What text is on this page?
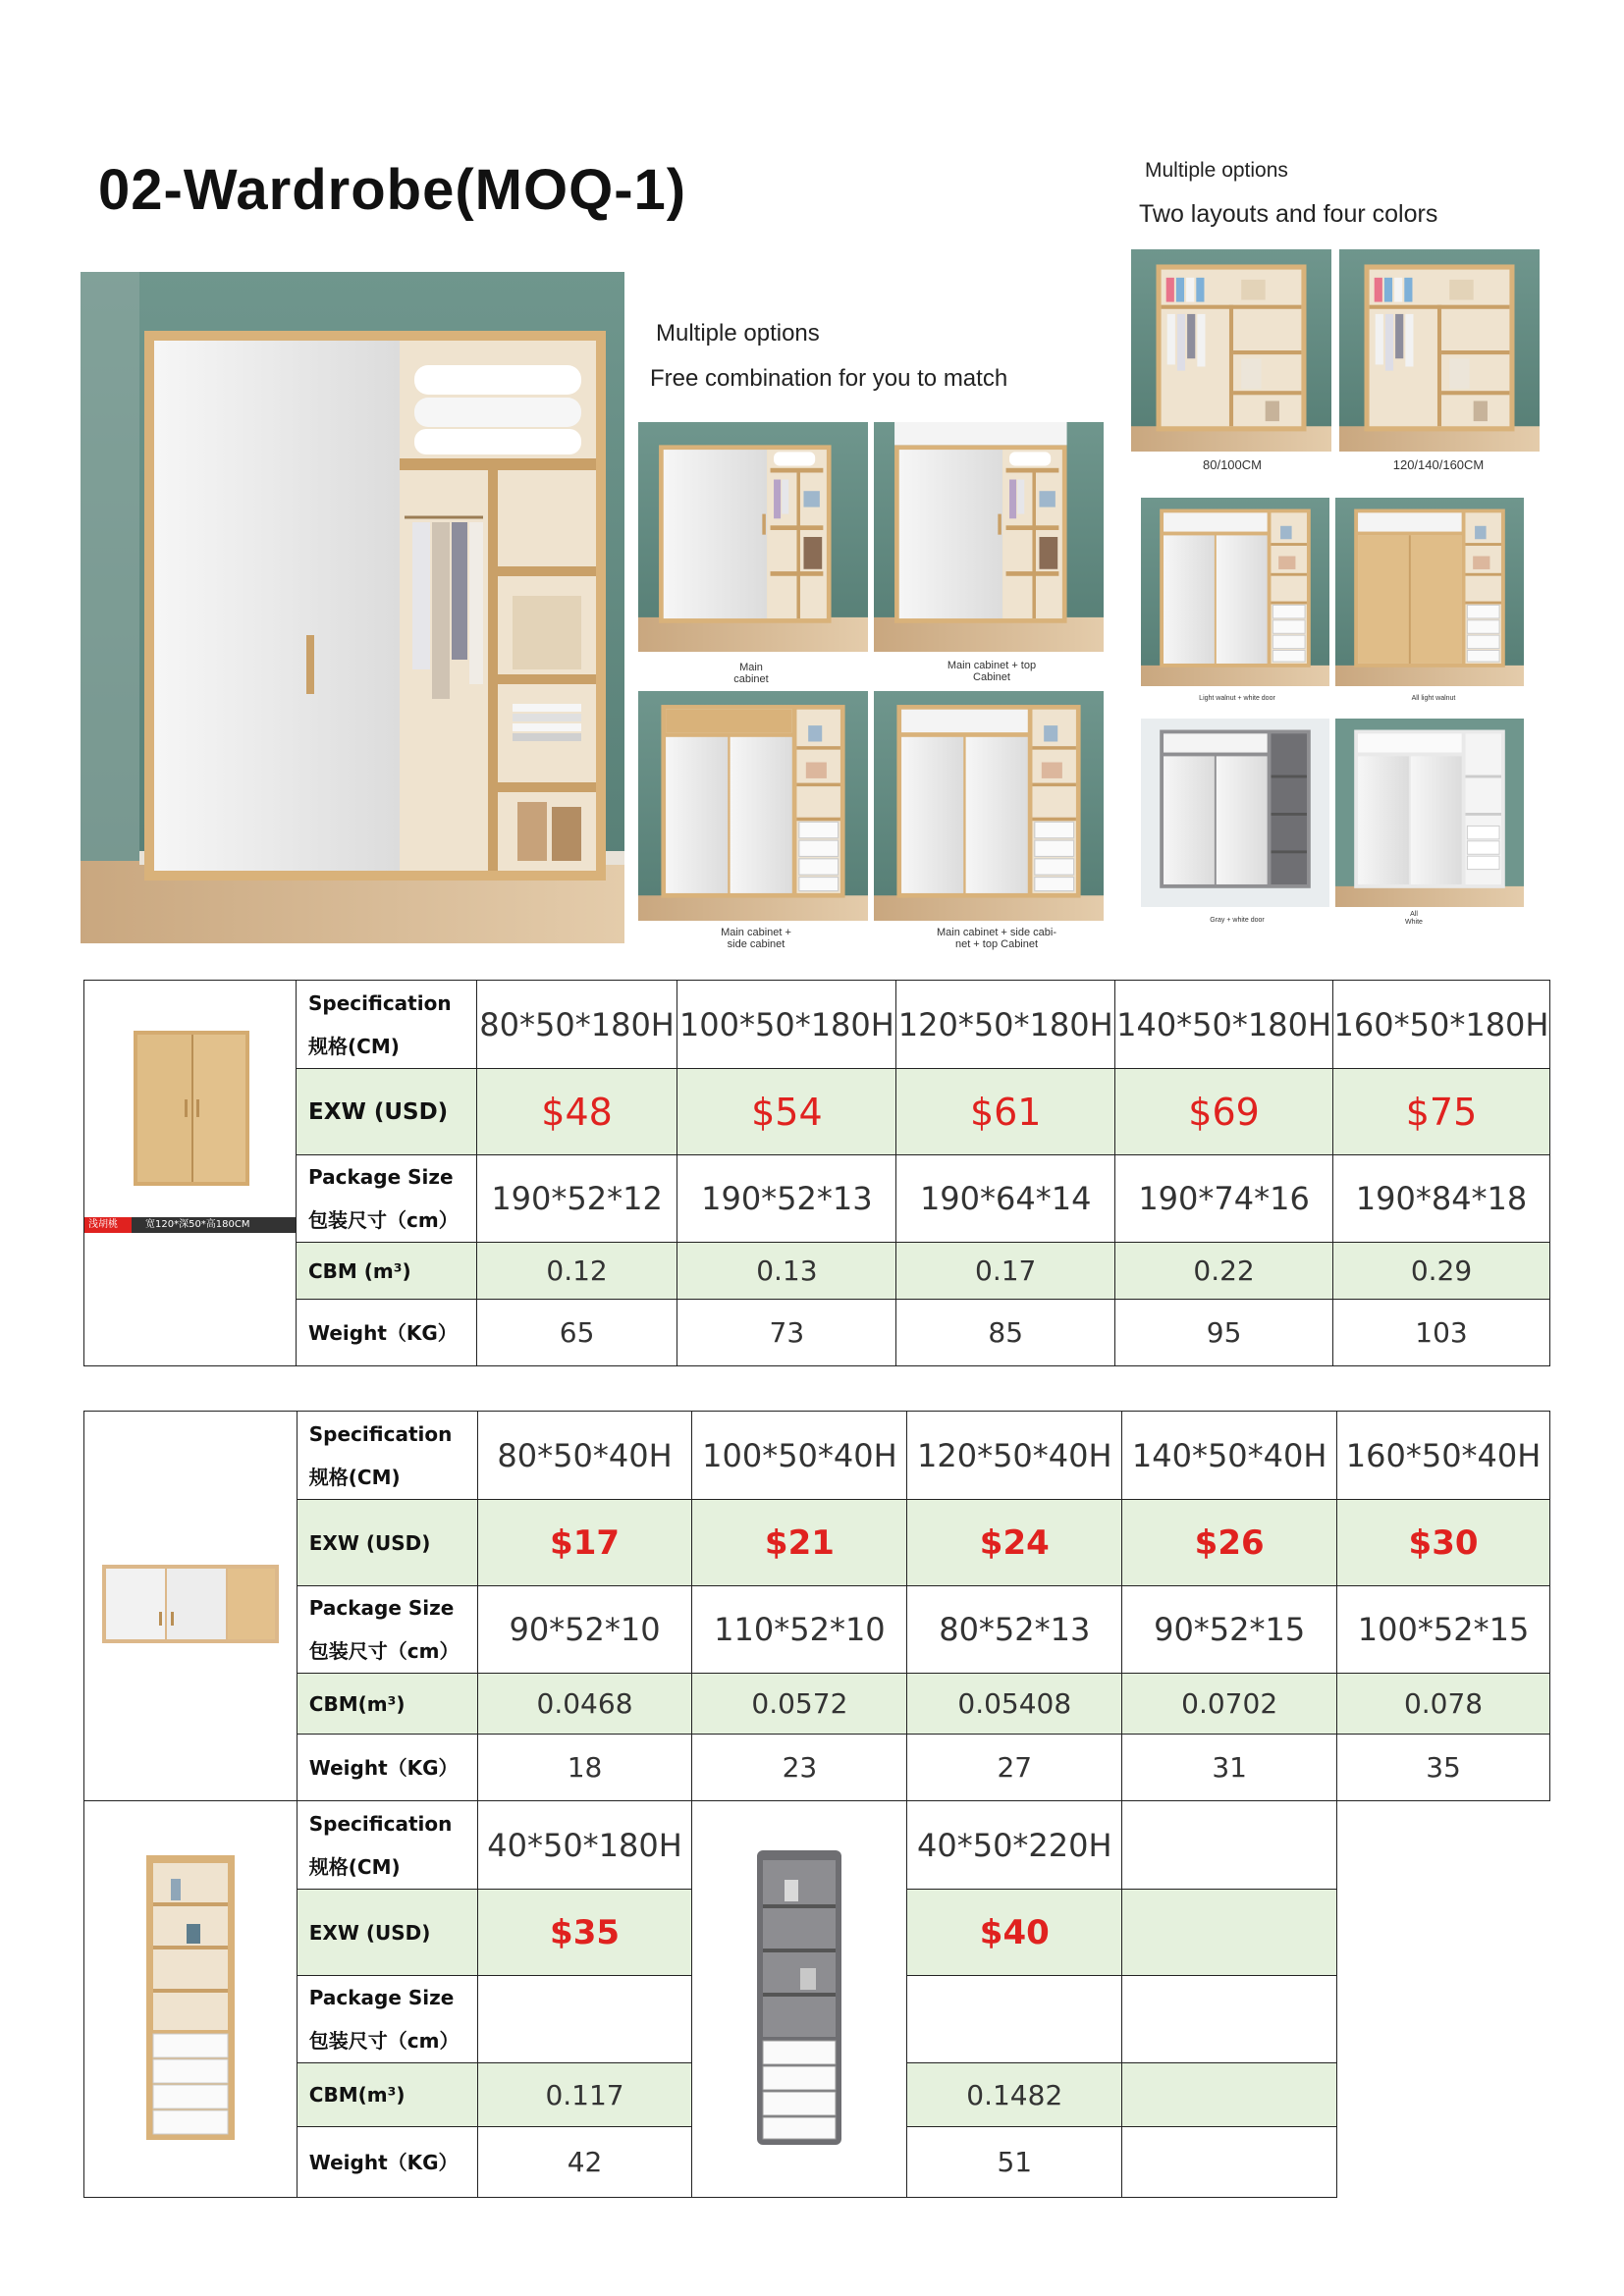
02-Wardrobe(MOQ-1)
Multiple options
Free combination for you to match
Main
cabinet
Main cabinet + top
Cabinet
Main cabinet +
side cabinet
Main cabinet + side cabi-
net + top Cabinet
Multiple options
Two layouts and four colors
80/100CM	120/140/160CM
Light walnut + white door	All light walnut
Gray + white door
All
White
浅胡桃 宽120*深50*高180CM	Specification
规格(CM)	80*50*180H	100*50*180H	120*50*180H	140*50*180H	160*50*180H
	EXW (USD)	$48	$54	$61	$69	$75

	Package Size
包装尺寸（cm）	190*52*12	190*52*13	190*64*14	190*74*16	190*84*18
	CBM (m³)	0.12	0.13	0.17	0.22	0.29
	Weight（KG）	65	73	85	95	103

Specification
规格(CM)	80*50*40H	100*50*40H	120*50*40H	140*50*40H	160*50*40H
	EXW (USD)	$17	$21	$24	$26	$30

	Package Size
包装尺寸（cm）	90*52*10	110*52*10	80*52*13	90*52*15	100*52*15
	CBM(m³)	0.0468	0.0572	0.05408	0.0702	0.078
	Weight（KG）	18	23	27	31	35

Specification
规格(CM)	40*50*180H		40*50*220H		
	EXW (USD)	$35		$40		

	Package Size
包装尺寸（cm）					

	CBM(m³)	0.117		0.1482		
	Weight（KG）	42		51		
